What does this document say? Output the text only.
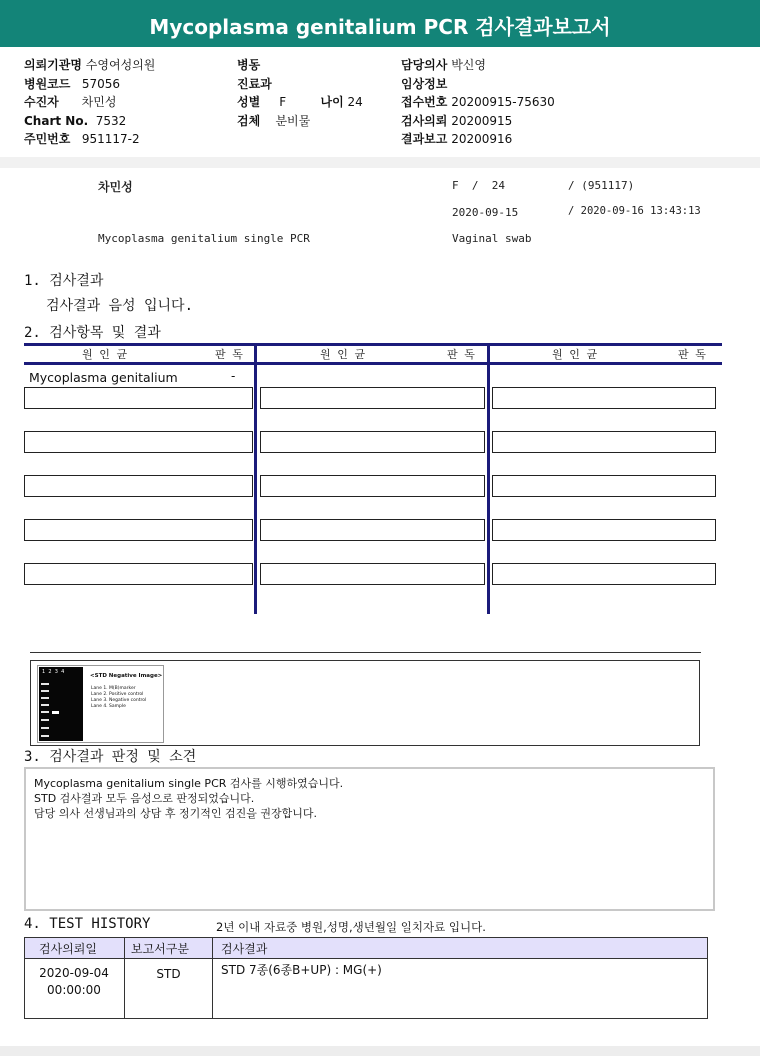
Mycoplasma genitalium PCR 검사결과보고서
의뢰기관명 수영여성의원
병원코드 57056
수진자 차민성
Chart No. 7532
주민번호 951117-2
병동
진료과
성별 F	나이 24
검체 분비물
담당의사 박신영
임상정보
접수번호 20200915-75630
검사의뢰 20200915
결과보고 20200916
차민성	F  /  24	/ (951117)
2020-09-15	/ 2020-09-16 13:43:13
Mycoplasma genitalium single PCR	Vaginal swab
1. 검사결과
검사결과 음성 입니다.
2. 검사항목 및 결과
원 인 균	판 독	원 인 균	판 독	원 인 균	판 독
Mycoplasma genitalium	-
1  2  3  4
<STD Negative Image>
Lane 1. M(B)marker
Lane 2. Positive control
Lane 3. Negative control
Lane 4. Sample
3. 검사결과 판정 및 소견
Mycoplasma genitalium single PCR 검사를 시행하였습니다.
STD 검사결과 모두 음성으로 판정되었습니다.
담당 의사 선생님과의 상담 후 정기적인 검진을 권장합니다.
4. TEST HISTORY	2년 이내 자료중 병원,성명,생년월일 일치자료 입니다.
검사의뢰일	보고서구분	검사결과
2020-09-04
00:00:00
STD	STD 7종(6종B+UP) : MG(+)
